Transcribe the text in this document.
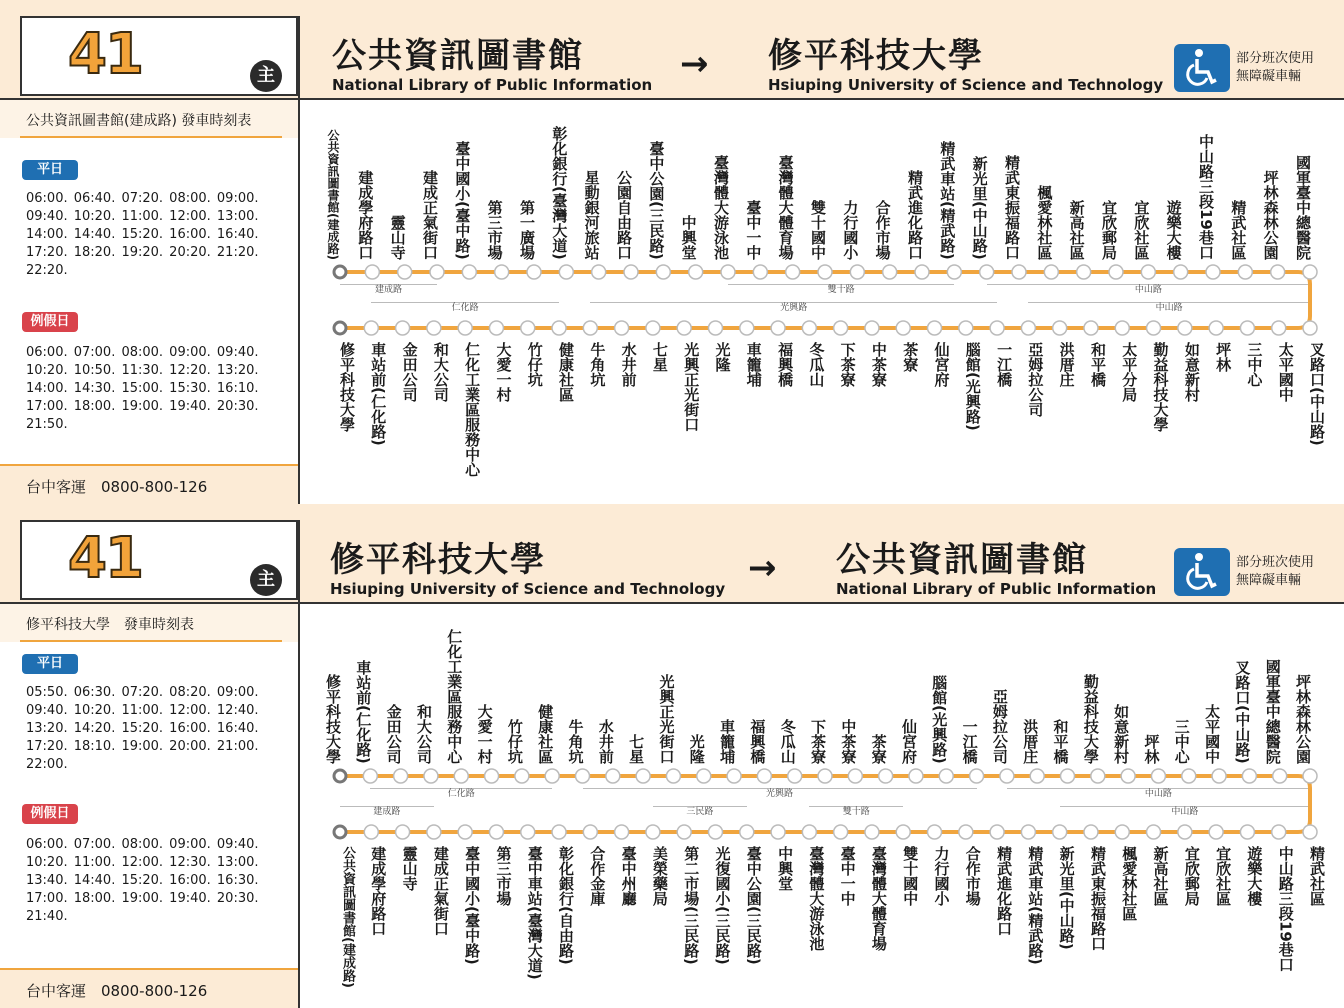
41	主 公共資訊圖書館
National Library of Public Information
→ 修平科技大學
Hsiuping University of Science and Technology
部分班次使用
無障礙車輛
公共資訊圖書館(建成路) 發車時刻表
平日
06:00. 06:40. 07:20. 08:00. 09:00. 09:40. 10:20. 11:00. 12:00. 13:00. 14:00. 14:40. 15:20. 16:00. 16:40. 17:20. 18:20. 19:20. 20:20. 21:20. 22:20.
例假日
06:00. 07:00. 08:00. 09:00. 09:40. 10:20. 10:50. 11:30. 12:20. 13:20. 14:00. 14:30. 15:00. 15:30. 16:10. 17:00. 18:00. 19:00. 19:40. 20:30. 21:50.
台中客運　0800-800-126
公共資訊圖書館(建成路)	建成學府路口 靈山寺 建成正氣街口 臺中國小(臺中路) 第三市場 第一廣場 彰化銀行(臺灣大道) 星動銀河旅站 公園自由路口 臺中公園(三民路) 中興堂 臺灣體大游泳池 臺中一中 臺灣體大體育場 雙十國中 力行國小 合作市場 精武進化路口 精武車站(精武路) 新光里(中山路) 精武東振福路口 楓愛林社區 新高社區 宜欣郵局 宜欣社區 遊樂大樓 中山路三段19巷口 精武社區 坪林森林公園 國軍臺中總醫院
修平科技大學 車站前(仁化路) 金田公司 和大公司 仁化工業區服務中心 大愛一村 竹仔坑 健康社區 牛角坑 水井前 七星 光興正光街口 光隆 車籠埔 福興橋 冬瓜山 下茶寮 中茶寮 茶寮 仙宮府 腦館(光興路) 一江橋 亞姆拉公司 洪厝庄 和平橋 太平分局 勤益科技大學 如意新村 坪林 三中心 太平國中 叉路口(中山路)
建成路	雙十路	中山路
仁化路	光興路	中山路
41	主 修平科技大學
Hsiuping University of Science and Technology
→ 公共資訊圖書館
National Library of Public Information
部分班次使用
無障礙車輛
修平科技大學　發車時刻表
平日
05:50. 06:30. 07:20. 08:20. 09:00. 09:40. 10:20. 11:00. 12:00. 12:40. 13:20. 14:20. 15:20. 16:00. 16:40. 17:20. 18:10. 19:00. 20:00. 21:00. 22:00.
例假日
06:00. 07:00. 08:00. 09:00. 09:40. 10:20. 11:00. 12:00. 12:30. 13:00. 13:40. 14:40. 15:20. 16:00. 16:30. 17:00. 18:00. 19:00. 19:40. 20:30. 21:40.
台中客運　0800-800-126
修平科技大學 車站前(仁化路) 金田公司 和大公司 仁化工業區服務中心 大愛一村 竹仔坑 健康社區 牛角坑 水井前 七星 光興正光街口 光隆 車籠埔 福興橋 冬瓜山 下茶寮 中茶寮 茶寮 仙宮府 腦館(光興路) 一江橋 亞姆拉公司 洪厝庄 和平橋 勤益科技大學 如意新村 坪林 三中心 太平國中 叉路口(中山路) 國軍臺中總醫院 坪林森林公園
公共資訊圖書館(建成路) 建成學府路口 靈山寺 建成正氣街口 臺中國小(臺中路) 第三市場 臺中車站(臺灣大道) 彰化銀行(自由路) 合作金庫 臺中州廳 美榮藥局 第二市場(三民路) 光復國小(三民路) 臺中公園(三民路) 中興堂 臺灣體大游泳池 臺中一中 臺灣體大體育場 雙十國中 力行國小 合作市場 精武進化路口 精武車站(精武路) 新光里(中山路) 精武東振福路口 楓愛林社區 新高社區 宜欣郵局 宜欣社區 遊樂大樓 中山路三段19巷口 精武社區
仁化路	光興路	中山路
建成路	三民路	雙十路	中山路
